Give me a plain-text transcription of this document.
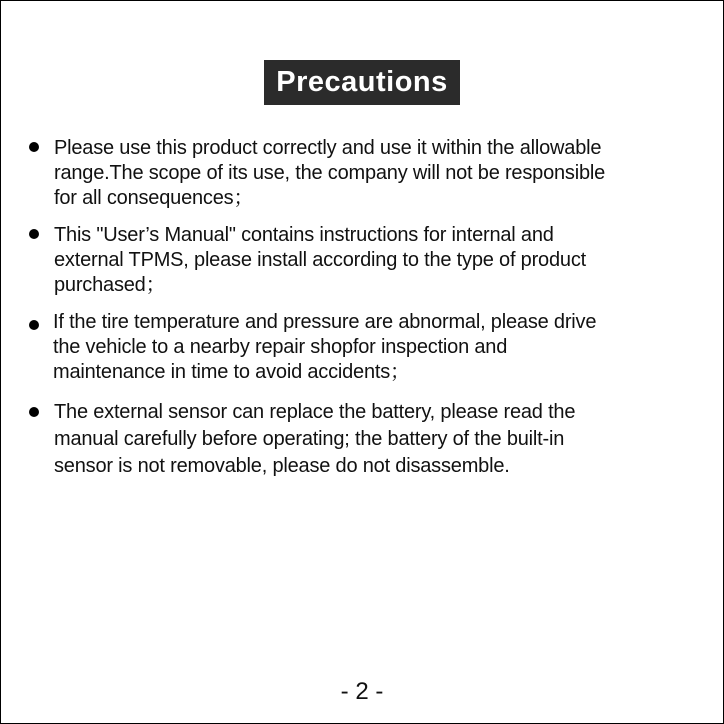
Precautions
Please use this product correctly and use it within the allowable
range.The scope of its use, the company will not be responsible
for all consequences；
This "User’s Manual" contains instructions for internal and
external TPMS, please install according to the type of product
purchased；
If the tire temperature and pressure are abnormal, please drive
the vehicle to a nearby repair shopfor inspection and
maintenance in time to avoid accidents；
The external sensor can replace the battery, please read the
manual carefully before operating; the battery of the built-in
sensor is not removable, please do not disassemble.
- 2 -
